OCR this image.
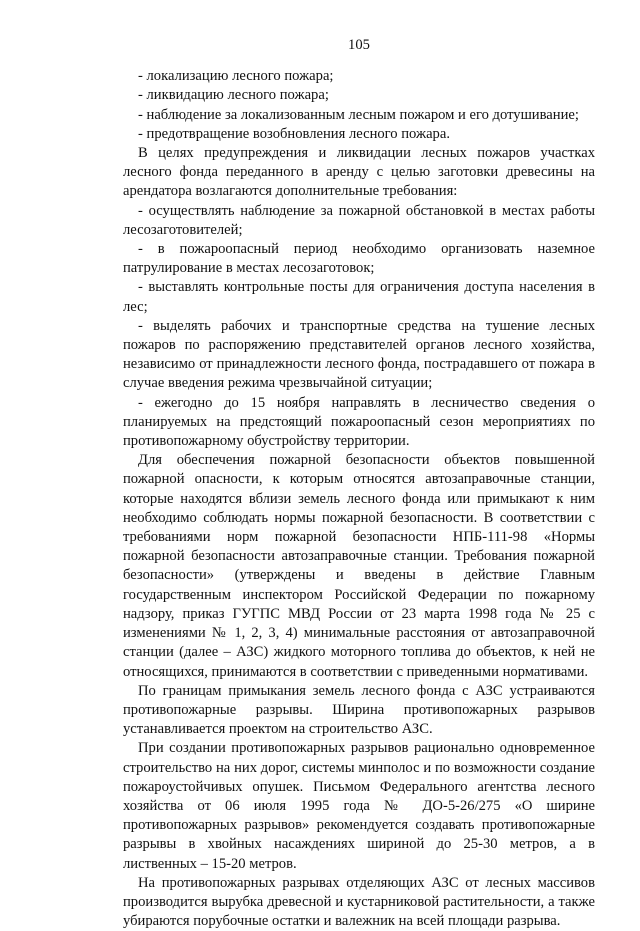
105

- локализацию лесного пожара;

- ликвидацию лесного пожара;

- наблюдение за локализованным лесным пожаром и его дотушивание;

- предотвращение возобновления лесного пожара.

В целях предупреждения и ликвидации лесных пожаров участках лесного фонда переданного в аренду с целью заготовки древесины на арендатора возлагаются дополнительные требования:

- осуществлять наблюдение за пожарной обстановкой в местах работы лесозаготовителей;

- в пожароопасный период необходимо организовать наземное патрулирование в местах лесозаготовок;

- выставлять контрольные посты для ограничения доступа населения в лес;

- выделять рабочих и транспортные средства на тушение лесных пожаров по распоряжению представителей органов лесного хозяйства, независимо от принадлежности лесного фонда, пострадавшего от пожара в случае введения режима чрезвычайной ситуации;

- ежегодно до 15 ноября направлять в лесничество сведения о планируемых на предстоящий пожароопасный сезон мероприятиях по противопожарному обустройству территории.

Для обеспечения пожарной безопасности объектов повышенной пожарной опасности, к которым относятся автозаправочные станции, которые находятся вблизи земель лесного фонда или примыкают к ним необходимо соблюдать нормы пожарной безопасности. В соответствии с требованиями норм пожарной безопасности НПБ-111-98 «Нормы пожарной безопасности автозаправочные станции. Требования пожарной безопасности» (утверждены и введены в действие Главным государственным инспектором Российской Федерации по пожарному надзору, приказ ГУГПС МВД России от 23 марта 1998 года № 25 с изменениями № 1, 2, 3, 4) минимальные расстояния от автозаправочной станции (далее – АЗС) жидкого моторного топлива до объектов, к ней не относящихся, принимаются в соответствии с приведенными нормативами.

По границам примыкания земель лесного фонда с АЗС устраиваются противопожарные разрывы. Ширина противопожарных разрывов устанавливается проектом на строительство АЗС.

При создании противопожарных разрывов рационально одновременное строительство на них дорог, системы минполос и по возможности создание пожароустойчивых опушек. Письмом Федерального агентства лесного хозяйства от 06 июля 1995 года № ДО-5-26/275 «О ширине противопожарных разрывов» рекомендуется создавать противопожарные разрывы в хвойных насаждениях шириной до 25-30 метров, а в лиственных – 15-20 метров.

На противопожарных разрывах отделяющих АЗС от лесных массивов производится вырубка древесной и кустарниковой растительности, а также убираются порубочные остатки и валежник на всей площади разрыва.
